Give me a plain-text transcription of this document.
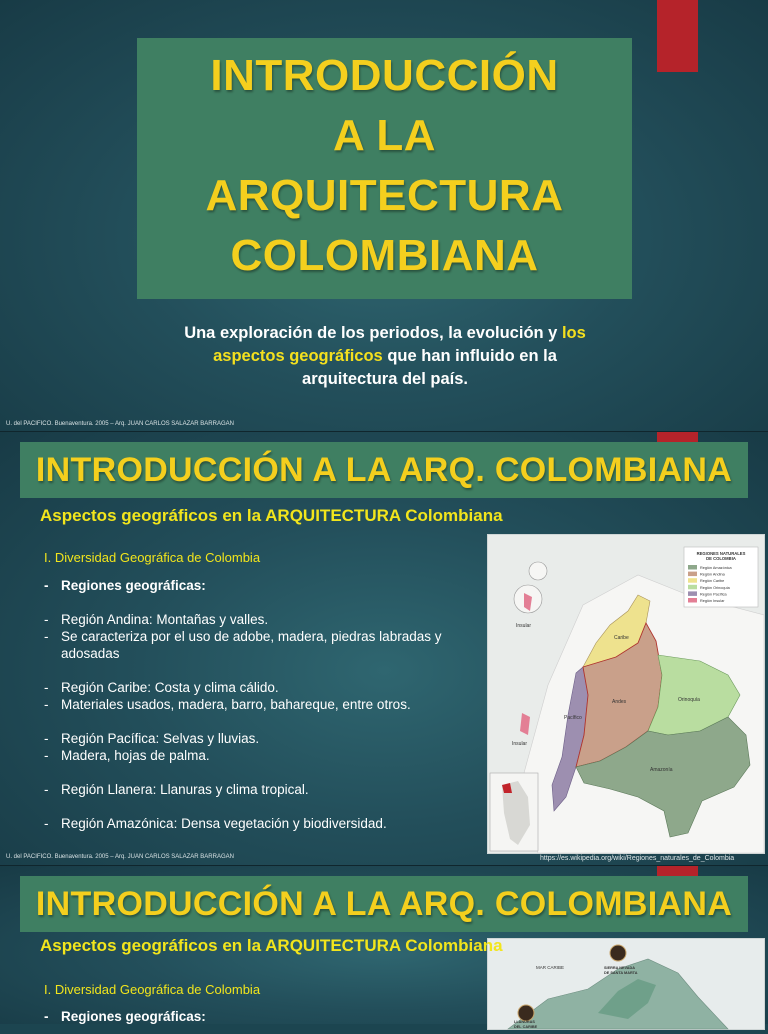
INTRODUCCIÓN
A LA
ARQUITECTURA
COLOMBIANA
Una exploración de los periodos, la evolución y los
aspectos geográficos que han influido en la
arquitectura del país.
U. del PACIFICO. Buenaventura. 2005 – Arq. JUAN CARLOS SALAZAR BARRAGAN
INTRODUCCIÓN A LA ARQ. COLOMBIANA
Aspectos geográficos en la ARQUITECTURA Colombiana
I. Diversidad Geográfica de Colombia
- Regiones geográficas:
- Región Andina: Montañas y valles.
- Se caracteriza por el uso de adobe, madera, piedras labradas y adosadas
- Región Caribe: Costa y clima cálido.
- Materiales usados, madera, barro, bahareque, entre otros.
- Región Pacífica: Selvas y lluvias.
- Madera, hojas de palma.
- Región Llanera: Llanuras y clima tropical.
- Región Amazónica: Densa vegetación y biodiversidad.
Insular
Caribe
Andes	Orinoquía
Pacífico
Insular
Amazonía
REGIONES NATURALES
DE COLOMBIA
Región Amazónica
Región Andina
Región Caribe
Región Orinoquía
Región Pacífica
Región Insular
U. del PACIFICO. Buenaventura. 2005 – Arq. JUAN CARLOS SALAZAR BARRAGAN	https://es.wikipedia.org/wiki/Regiones_naturales_de_Colombia
INTRODUCCIÓN A LA ARQ. COLOMBIANA
MAR CARIBE	SIERRA NEVADA
DE SANTA MARTA
LLANURAS
DEL CARIBE
Aspectos geográficos en la ARQUITECTURA Colombiana
I. Diversidad Geográfica de Colombia
- Regiones geográficas:
